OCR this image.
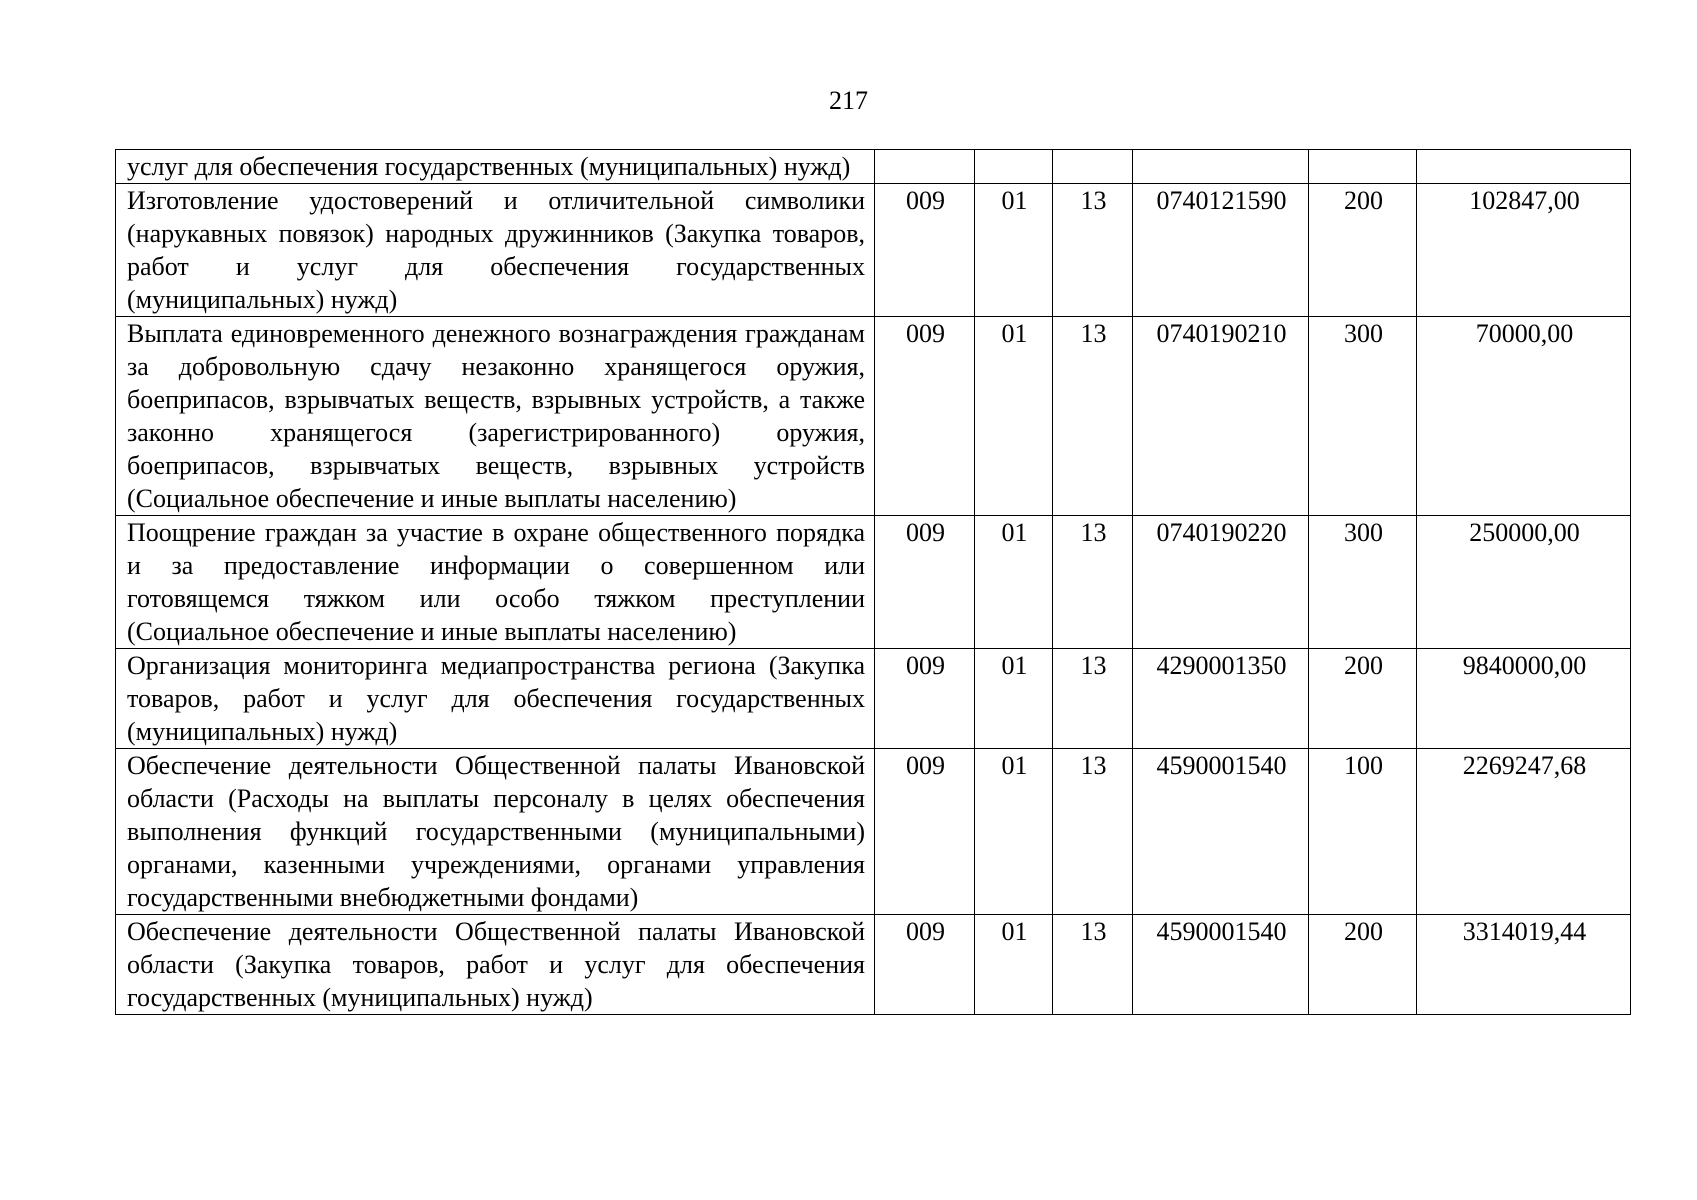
217
услуг для обеспечения государственных (муниципальных) нужд)						
Изготовление удостоверений и отличительной символики (нарукавных повязок) народных дружинников (Закупка товаров, работ и услуг для обеспечения государственных (муниципальных) нужд)	009	01	13	0740121590	200	102847,00
Выплата единовременного денежного вознаграждения гражданам за добровольную сдачу незаконно хранящегося оружия, боеприпасов, взрывчатых веществ, взрывных устройств, а также законно хранящегося (зарегистрированного) оружия, боеприпасов, взрывчатых веществ, взрывных устройств (Социальное обеспечение и иные выплаты населению)	009	01	13	0740190210	300	70000,00
Поощрение граждан за участие в охране общественного порядка и за предоставление информации о совершенном или готовящемся тяжком или особо тяжком преступлении (Социальное обеспечение и иные выплаты населению)	009	01	13	0740190220	300	250000,00
Организация мониторинга медиапространства региона (Закупка товаров, работ и услуг для обеспечения государственных (муниципальных) нужд)	009	01	13	4290001350	200	9840000,00
Обеспечение деятельности Общественной палаты Ивановской области (Расходы на выплаты персоналу в целях обеспечения выполнения функций государственными (муниципальными) органами, казенными учреждениями, органами управления государственными внебюджетными фондами)	009	01	13	4590001540	100	2269247,68
Обеспечение деятельности Общественной палаты Ивановской области (Закупка товаров, работ и услуг для обеспечения государственных (муниципальных) нужд)	009	01	13	4590001540	200	3314019,44
